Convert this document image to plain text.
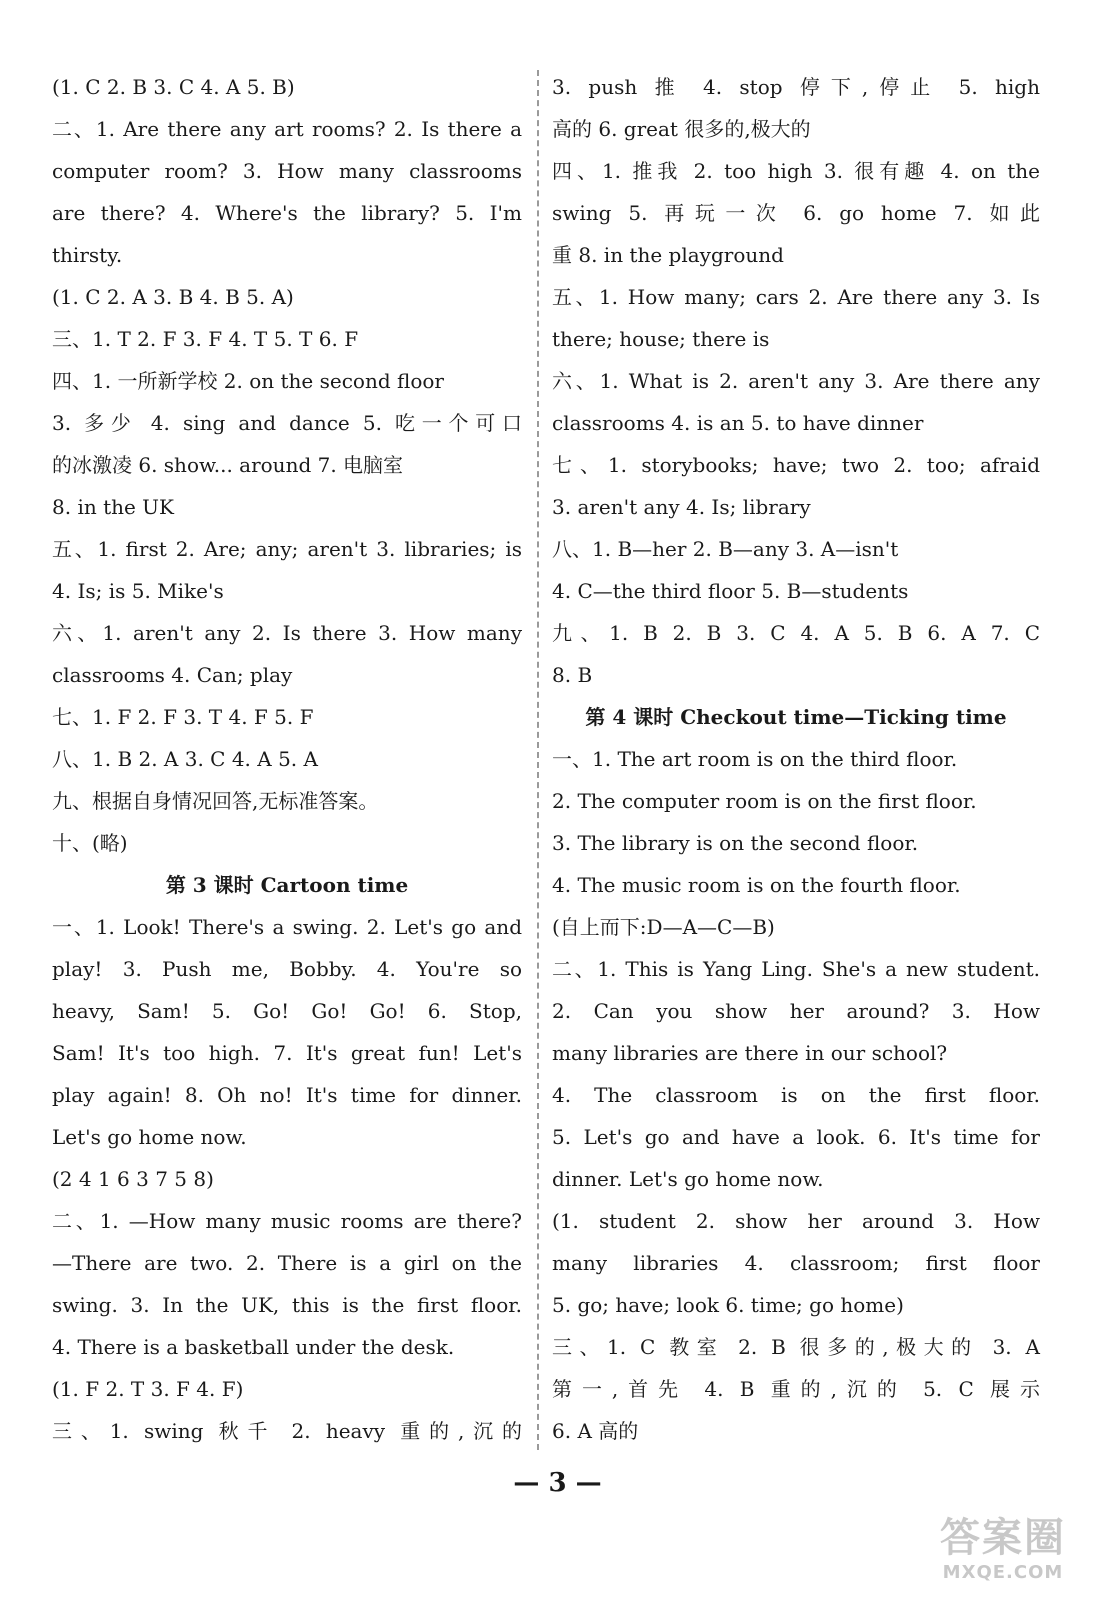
(1. C 2. B 3. C 4. A 5. B)
二、1. Are there any art rooms? 2. Is there a
computer room? 3. How many classrooms
are there? 4. Where's the library? 5. I'm
thirsty.
(1. C 2. A 3. B 4. B 5. A)
三、1. T 2. F 3. F 4. T 5. T 6. F
四、1. 一所新学校 2. on the second floor
3. 多少 4. sing and dance 5. 吃一个可口
的冰激凌 6. show... around 7. 电脑室
8. in the UK
五、1. first 2. Are; any; aren't 3. libraries; is
4. Is; is 5. Mike's
六、1. aren't any 2. Is there 3. How many
classrooms 4. Can; play
七、1. F 2. F 3. T 4. F 5. F
八、1. B 2. A 3. C 4. A 5. A
九、根据自身情况回答,无标准答案。
十、(略)
第 3 课时 Cartoon time
一、1. Look! There's a swing. 2. Let's go and
play! 3. Push me, Bobby. 4. You're so
heavy, Sam! 5. Go! Go! Go! 6. Stop,
Sam! It's too high. 7. It's great fun! Let's
play again! 8. Oh no! It's time for dinner.
Let's go home now.
(2 4 1 6 3 7 5 8)
二、1. —How many music rooms are there?
—There are two. 2. There is a girl on the
swing. 3. In the UK, this is the first floor.
4. There is a basketball under the desk.
(1. F 2. T 3. F 4. F)
三、1. swing 秋千 2. heavy 重的,沉的
3. push 推 4. stop 停下,停止 5. high
高的 6. great 很多的,极大的
四、1. 推我 2. too high 3. 很有趣 4. on the
swing 5. 再玩一次 6. go home 7. 如此
重 8. in the playground
五、1. How many; cars 2. Are there any 3. Is
there; house; there is
六、1. What is 2. aren't any 3. Are there any
classrooms 4. is an 5. to have dinner
七、1. storybooks; have; two 2. too; afraid
3. aren't any 4. Is; library
八、1. B—her 2. B—any 3. A—isn't
4. C—the third floor 5. B—students
九、1. B 2. B 3. C 4. A 5. B 6. A 7. C
8. B
第 4 课时 Checkout time—Ticking time
一、1. The art room is on the third floor.
2. The computer room is on the first floor.
3. The library is on the second floor.
4. The music room is on the fourth floor.
(自上而下:D—A—C—B)
二、1. This is Yang Ling. She's a new student.
2. Can you show her around? 3. How
many libraries are there in our school?
4. The classroom is on the first floor.
5. Let's go and have a look. 6. It's time for
dinner. Let's go home now.
(1. student 2. show her around 3. How
many libraries 4. classroom; first floor
5. go; have; look 6. time; go home)
三、1. C 教室 2. B 很多的,极大的 3. A
第一,首先 4. B 重的,沉的 5. C 展示
6. A 高的
— 3 —
答案圈
MXQE.COM
